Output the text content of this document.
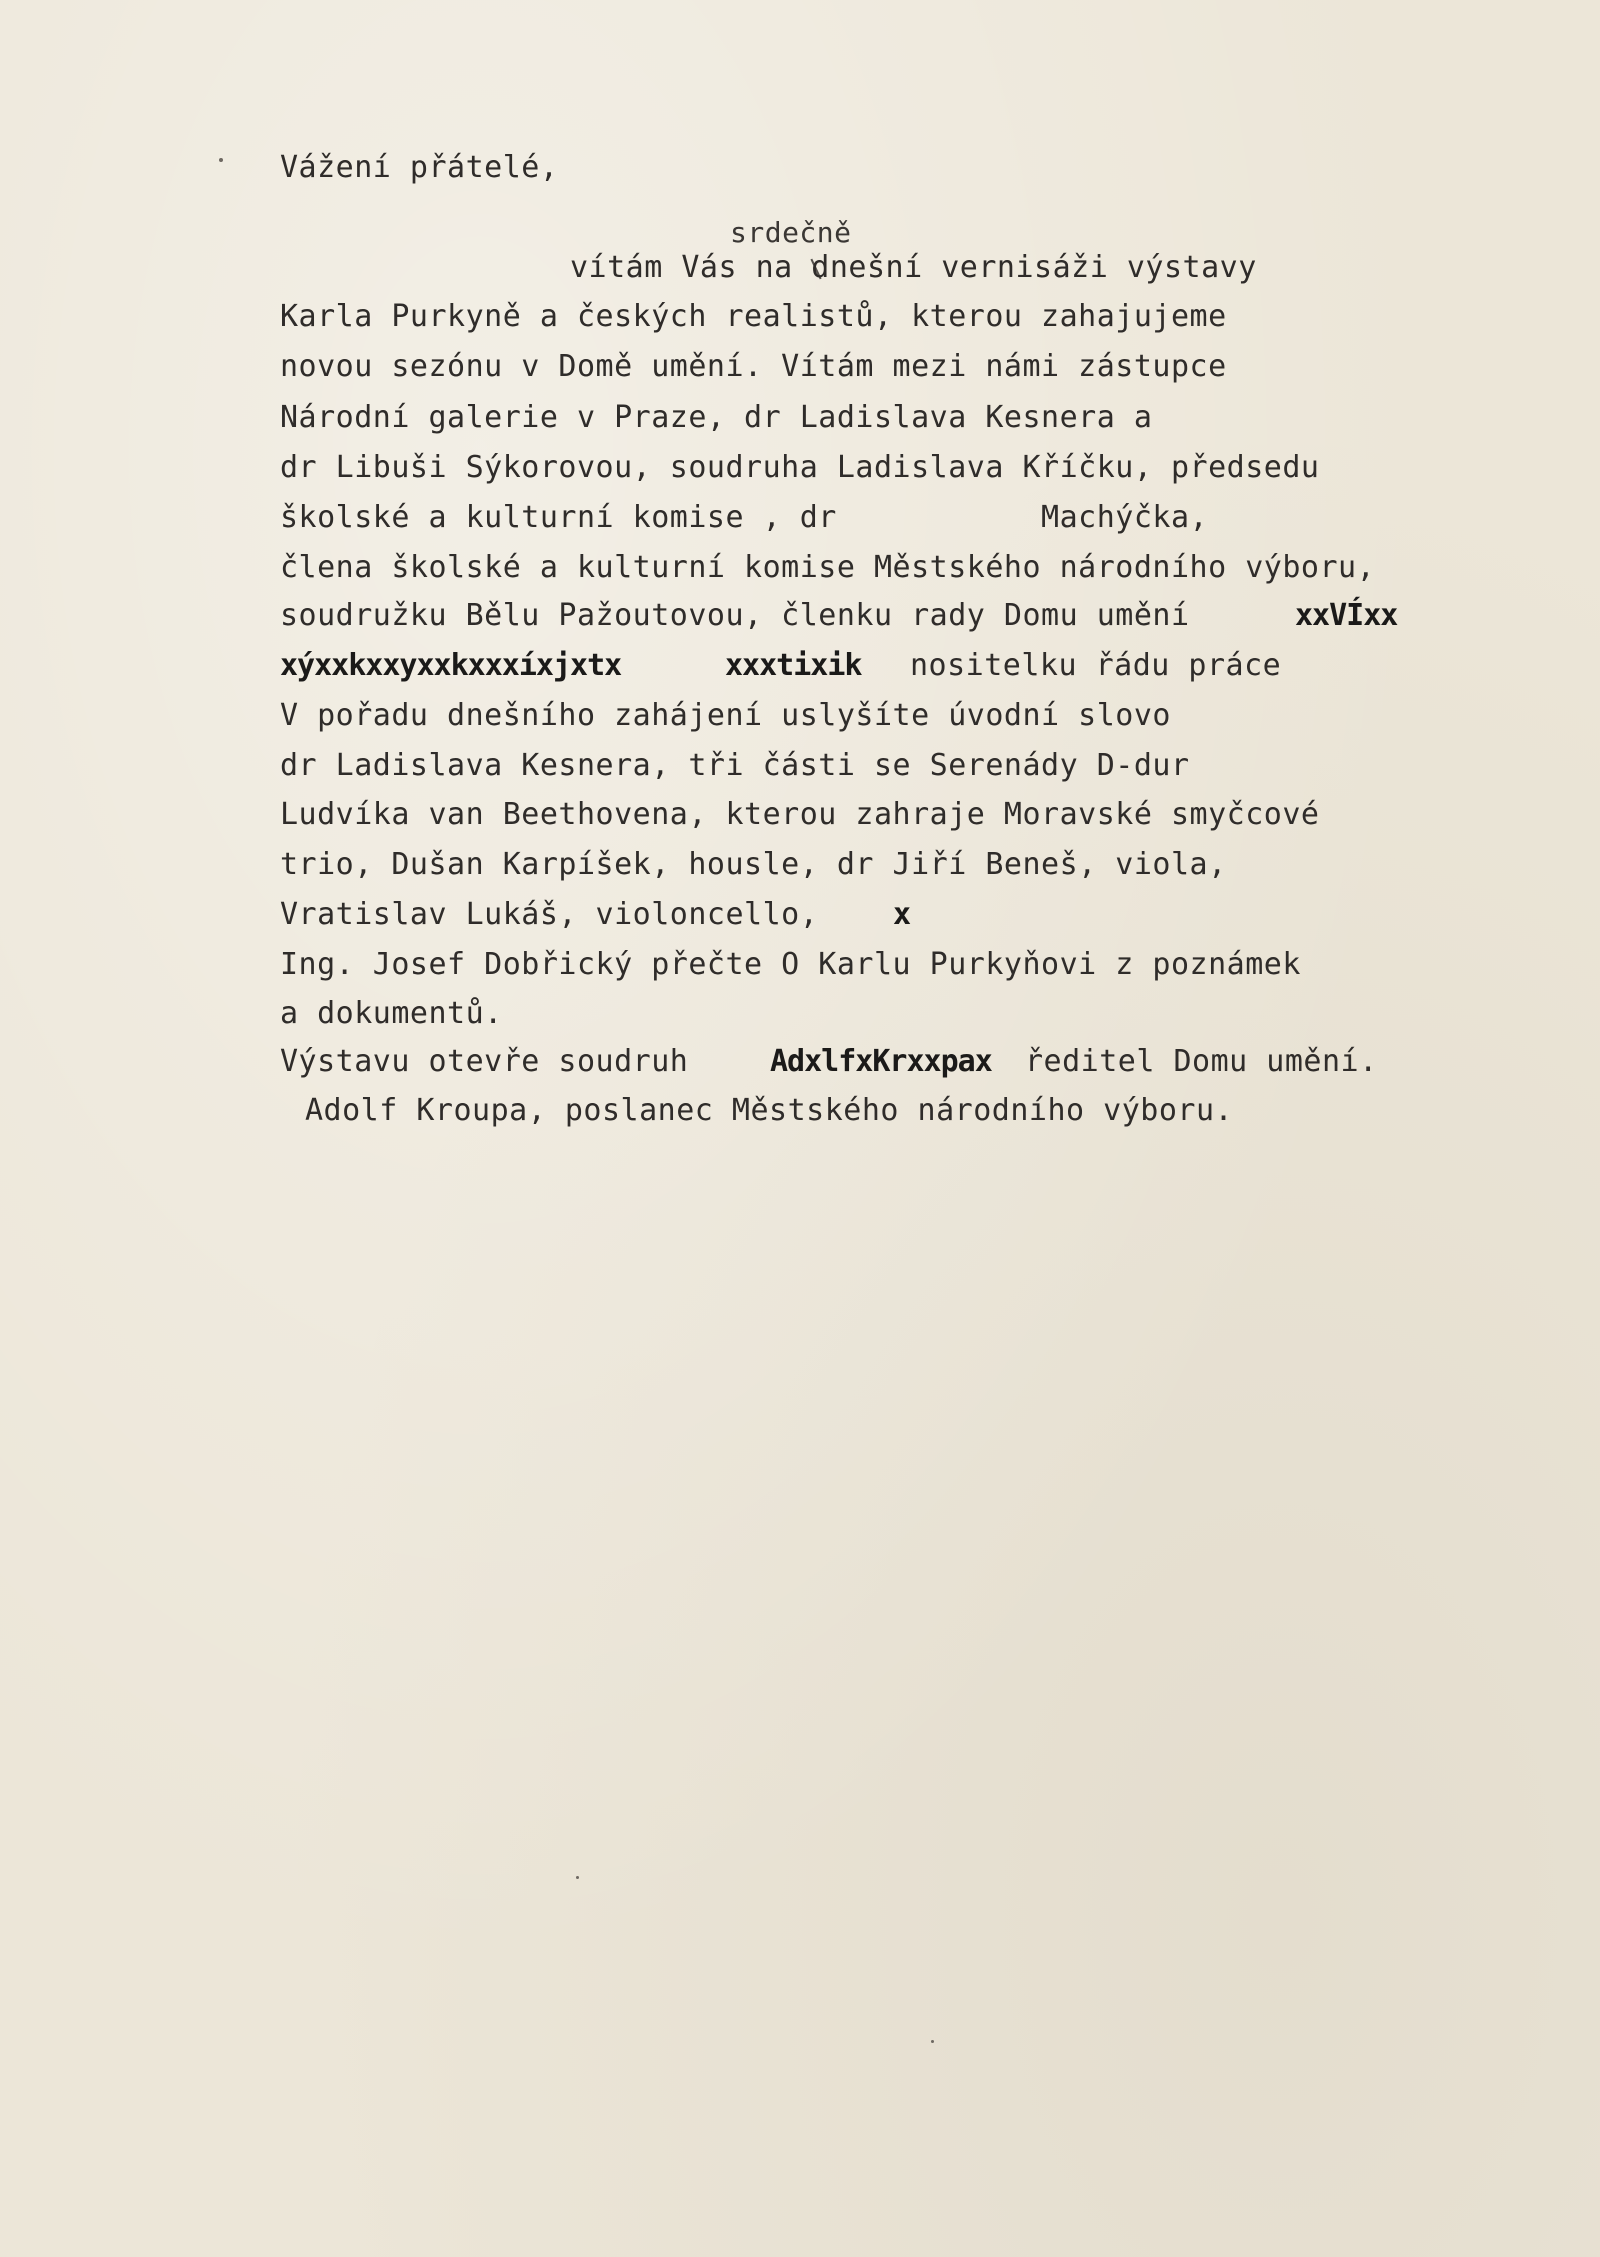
Vážení přátelé,

srdečně

vítám Vás na dnešní vernisáži výstavy

Karla Purkyně a českých realistů, kterou zahajujeme

novou sezónu v Domě umění. Vítám mezi námi zástupce

Národní galerie v Praze, dr Ladislava Kesnera a

dr Libuši Sýkorovou, soudruha Ladislava Kříčku, předsedu

školské a kulturní komise , dr           Machýčka,

člena školské a kulturní komise Městského národního výboru,

soudružku Bělu Pažoutovou, členku rady Domu umění

	xxVÍxx

xýxxkxxyxxkxxxíxjxtx

	xxxtixik

nositelku řádu práce

V pořadu dnešního zahájení uslyšíte úvodní slovo

dr Ladislava Kesnera, tři části se Serenády D-dur

Ludvíka van Beethovena, kterou zahraje Moravské smyčcové

trio, Dušan Karpíšek, housle, dr Jiří Beneš, viola,

Vratislav Lukáš, violoncello,

x

Ing. Josef Dobřický přečte O Karlu Purkyňovi z poznámek

a dokumentů.

Výstavu otevře soudruh

	AdxlfxKrxxpax

ředitel Domu umění.

Adolf Kroupa, poslanec Městského národního výboru.
